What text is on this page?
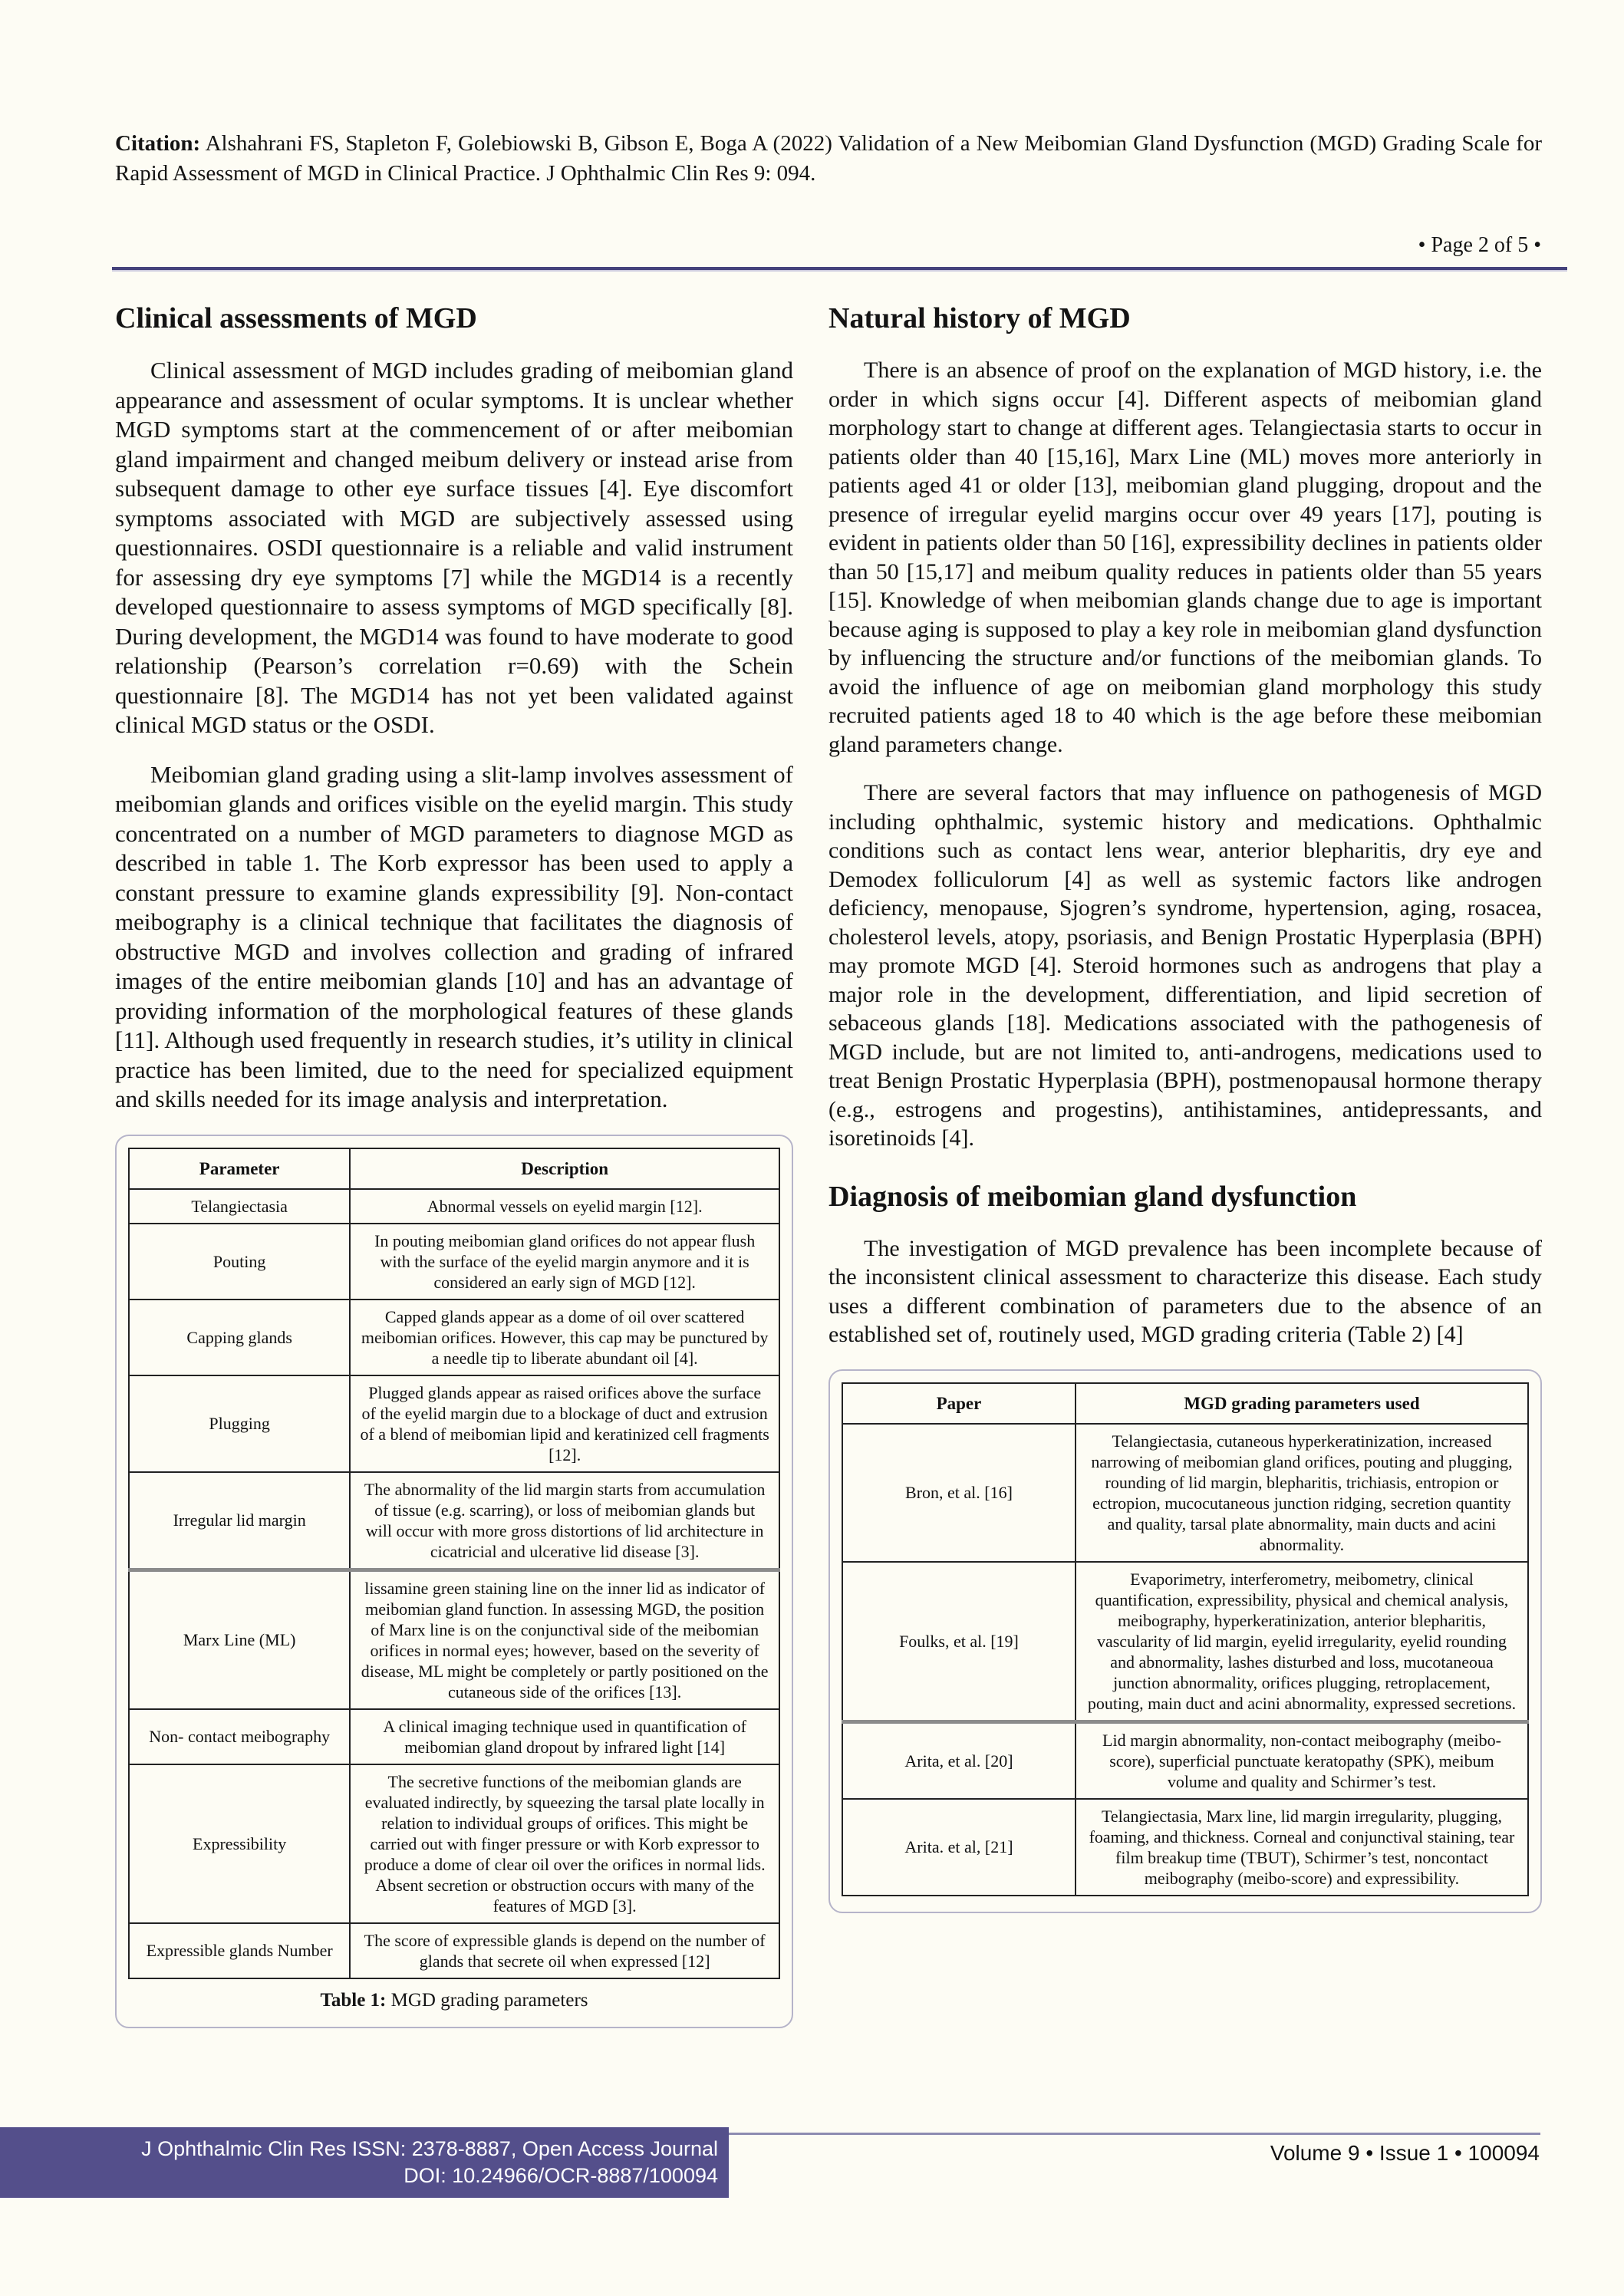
Citation: Alshahrani FS, Stapleton F, Golebiowski B, Gibson E, Boga A (2022) Validation of a New Meibomian Gland Dysfunction (MGD) Grading Scale for Rapid Assessment of MGD in Clinical Practice. J Ophthalmic Clin Res 9: 094.
• Page 2 of 5 •
Clinical assessments of MGD

Clinical assessment of MGD includes grading of meibomian gland appearance and assessment of ocular symptoms. It is unclear whether MGD symptoms start at the commencement of or after meibomian gland impairment and changed meibum delivery or instead arise from subsequent damage to other eye surface tissues [4]. Eye discomfort symptoms associated with MGD are subjectively assessed using questionnaires. OSDI questionnaire is a reliable and valid instrument for assessing dry eye symptoms [7] while the MGD14 is a recently developed questionnaire to assess symptoms of MGD specifically [8]. During development, the MGD14 was found to have moderate to good relationship (Pearson’s correlation r=0.69) with the Schein questionnaire [8]. The MGD14 has not yet been validated against clinical MGD status or the OSDI.

Meibomian gland grading using a slit-lamp involves assessment of meibomian glands and orifices visible on the eyelid margin. This study concentrated on a number of MGD parameters to diagnose MGD as described in table 1. The Korb expressor has been used to apply a constant pressure to examine glands expressibility [9]. Non-contact meibography is a clinical technique that facilitates the diagnosis of obstructive MGD and involves collection and grading of infrared images of the entire meibomian glands [10] and has an advantage of providing information of the morphological features of these glands [11]. Although used frequently in research studies, it’s utility in clinical practice has been limited, due to the need for specialized equipment and skills needed for its image analysis and interpretation.

Parameter	Description
Telangiectasia	Abnormal vessels on eyelid margin [12].
Pouting	In pouting meibomian gland orifices do not appear flush with the surface of the eyelid margin anymore and it is considered an early sign of MGD [12].
Capping glands	Capped glands appear as a dome of oil over scattered meibomian orifices. However, this cap may be punctured by a needle tip to liberate abundant oil [4].
Plugging	Plugged glands appear as raised orifices above the surface of the eyelid margin due to a blockage of duct and extrusion of a blend of meibomian lipid and keratinized cell fragments [12].
Irregular lid margin	The abnormality of the lid margin starts from accumulation of tissue (e.g. scarring), or loss of meibomian glands but will occur with more gross distortions of lid architecture in cicatricial and ulcerative lid disease [3].
Marx Line (ML)	lissamine green staining line on the inner lid as indicator of meibomian gland function. In assessing MGD, the position of Marx line is on the conjunctival side of the meibomian orifices in normal eyes; however, based on the severity of disease, ML might be completely or partly positioned on the cutaneous side of the orifices [13].
Non- contact meibography	A clinical imaging technique used in quantification of meibomian gland dropout by infrared light [14]
Expressibility	The secretive functions of the meibomian glands are evaluated indirectly, by squeezing the tarsal plate locally in relation to individual groups of orifices. This might be carried out with finger pressure or with Korb expressor to produce a dome of clear oil over the orifices in normal lids. Absent secretion or obstruction occurs with many of the features of MGD [3].
Expressible glands Number	The score of expressible glands is depend on the number of glands that secrete oil when expressed [12]
Table 1: MGD grading parameters
Natural history of MGD

There is an absence of proof on the explanation of MGD history, i.e. the order in which signs occur [4]. Different aspects of meibomian gland morphology start to change at different ages. Telangiectasia starts to occur in patients older than 40 [15,16], Marx Line (ML) moves more anteriorly in patients aged 41 or older [13], meibomian gland plugging, dropout and the presence of irregular eyelid margins occur over 49 years [17], pouting is evident in patients older than 50 [16], expressibility declines in patients older than 50 [15,17] and meibum quality reduces in patients older than 55 years [15]. Knowledge of when meibomian glands change due to age is important because aging is supposed to play a key role in meibomian gland dysfunction by influencing the structure and/or functions of the meibomian glands. To avoid the influence of age on meibomian gland morphology this study recruited patients aged 18 to 40 which is the age before these meibomian gland parameters change.

There are several factors that may influence on pathogenesis of MGD including ophthalmic, systemic history and medications. Ophthalmic conditions such as contact lens wear, anterior blepharitis, dry eye and Demodex folliculorum [4] as well as systemic factors like androgen deficiency, menopause, Sjogren’s syndrome, hypertension, aging, rosacea, cholesterol levels, atopy, psoriasis, and Benign Prostatic Hyperplasia (BPH) may promote MGD [4]. Steroid hormones such as androgens that play a major role in the development, differentiation, and lipid secretion of sebaceous glands [18]. Medications associated with the pathogenesis of MGD include, but are not limited to, anti-androgens, medications used to treat Benign Prostatic Hyperplasia (BPH), postmenopausal hormone therapy (e.g., estrogens and progestins), antihistamines, antidepressants, and isoretinoids [4].

Diagnosis of meibomian gland dysfunction

The investigation of MGD prevalence has been incomplete because of the inconsistent clinical assessment to characterize this disease. Each study uses a different combination of parameters due to the absence of an established set of, routinely used, MGD grading criteria (Table 2) [4]

Paper	MGD grading parameters used
Bron, et al. [16]	Telangiectasia, cutaneous hyperkeratinization, increased narrowing of meibomian gland orifices, pouting and plugging, rounding of lid margin, blepharitis, trichiasis, entropion or ectropion, mucocutaneous junction ridging, secretion quantity and quality, tarsal plate abnormality, main ducts and acini abnormality.
Foulks, et al. [19]	Evaporimetry, interferometry, meibometry, clinical quantification, expressibility, physical and chemical analysis, meibography, hyperkeratinization, anterior blepharitis, vascularity of lid margin, eyelid irregularity, eyelid rounding and abnormality, lashes disturbed and loss, mucotaneoua junction abnormality, orifices plugging, retroplacement, pouting, main duct and acini abnormality, expressed secretions.
Arita, et al. [20]	Lid margin abnormality, non-contact meibography (meibo-score), superficial punctuate keratopathy (SPK), meibum volume and quality and Schirmer’s test.
Arita. et al, [21]	Telangiectasia, Marx line, lid margin irregularity, plugging, foaming, and thickness. Corneal and conjunctival staining, tear film breakup time (TBUT), Schirmer’s test, noncontact meibography (meibo-score) and expressibility.
J Ophthalmic Clin Res ISSN: 2378-8887, Open Access Journal
DOI: 10.24966/OCR-8887/100094
Volume 9 • Issue 1 • 100094
